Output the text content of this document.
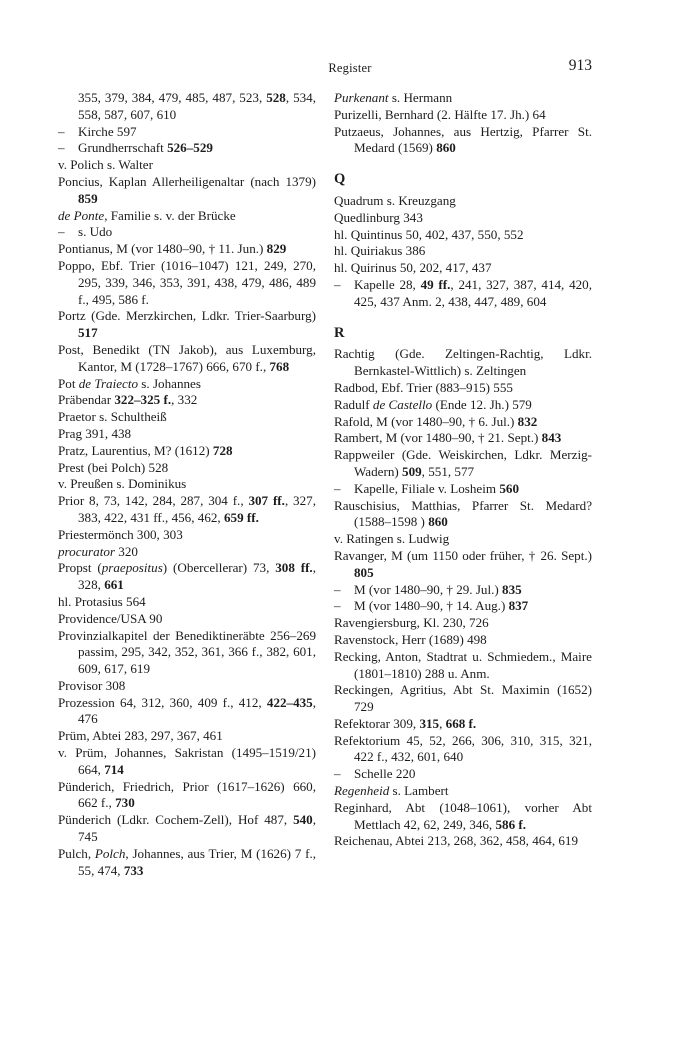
Register	913
355, 379, 384, 479, 485, 487, 523, 528, 534, 558, 587, 607, 610
– Kirche 597
– Grundherrschaft 526–529
v. Polich s. Walter
Poncius, Kaplan Allerheiligenaltar (nach 1379) 859
de Ponte, Familie s. v. der Brücke
– s. Udo
Pontianus, M (vor 1480–90, † 11. Jun.) 829
Poppo, Ebf. Trier (1016–1047) 121, 249, 270, 295, 339, 346, 353, 391, 438, 479, 486, 489 f., 495, 586 f.
Portz (Gde. Merzkirchen, Ldkr. Trier-Saarburg) 517
Post, Benedikt (TN Jakob), aus Luxemburg, Kantor, M (1728–1767) 666, 670 f., 768
Pot de Traiecto s. Johannes
Präbendar 322–325 f., 332
Praetor s. Schultheiß
Prag 391, 438
Pratz, Laurentius, M? (1612) 728
Prest (bei Polch) 528
v. Preußen s. Dominikus
Prior 8, 73, 142, 284, 287, 304 f., 307 ff., 327, 383, 422, 431 ff., 456, 462, 659 ff.
Priestermönch 300, 303
procurator 320
Propst (praepositus) (Obercellerar) 73, 308 ff., 328, 661
hl. Protasius 564
Providence/USA 90
Provinzialkapitel der Benediktineräbte 256–269 passim, 295, 342, 352, 361, 366 f., 382, 601, 609, 617, 619
Provisor 308
Prozession 64, 312, 360, 409 f., 412, 422–435, 476
Prüm, Abtei 283, 297, 367, 461
v. Prüm, Johannes, Sakristan (1495–1519/21) 664, 714
Pünderich, Friedrich, Prior (1617–1626) 660, 662 f., 730
Pünderich (Ldkr. Cochem-Zell), Hof 487, 540, 745
Pulch, Polch, Johannes, aus Trier, M (1626) 7 f., 55, 474, 733
Purkenant s. Hermann
Purizelli, Bernhard (2. Hälfte 17. Jh.) 64
Putzaeus, Johannes, aus Hertzig, Pfarrer St. Medard (1569) 860
Q
Quadrum s. Kreuzgang
Quedlinburg 343
hl. Quintinus 50, 402, 437, 550, 552
hl. Quiriakus 386
hl. Quirinus 50, 202, 417, 437
– Kapelle 28, 49 ff., 241, 327, 387, 414, 420, 425, 437 Anm. 2, 438, 447, 489, 604
R
Rachtig (Gde. Zeltingen-Rachtig, Ldkr. Bernkastel-Wittlich) s. Zeltingen
Radbod, Ebf. Trier (883–915) 555
Radulf de Castello (Ende 12. Jh.) 579
Rafold, M (vor 1480–90, † 6. Jul.) 832
Rambert, M (vor 1480–90, † 21. Sept.) 843
Rappweiler (Gde. Weiskirchen, Ldkr. Merzig-Wadern) 509, 551, 577
– Kapelle, Filiale v. Losheim 560
Rauschisius, Matthias, Pfarrer St. Medard? (1588–1598 ) 860
v. Ratingen s. Ludwig
Ravanger, M (um 1150 oder früher, † 26. Sept.) 805
– M (vor 1480–90, † 29. Jul.) 835
– M (vor 1480–90, † 14. Aug.) 837
Ravengiersburg, Kl. 230, 726
Ravenstock, Herr (1689) 498
Recking, Anton, Stadtrat u. Schmiedem., Maire (1801–1810) 288 u. Anm.
Reckingen, Agritius, Abt St. Maximin (1652) 729
Refektorar 309, 315, 668 f.
Refektorium 45, 52, 266, 306, 310, 315, 321, 422 f., 432, 601, 640
– Schelle 220
Regenheid s. Lambert
Reginhard, Abt (1048–1061), vorher Abt Mettlach 42, 62, 249, 346, 586 f.
Reichenau, Abtei 213, 268, 362, 458, 464, 619
